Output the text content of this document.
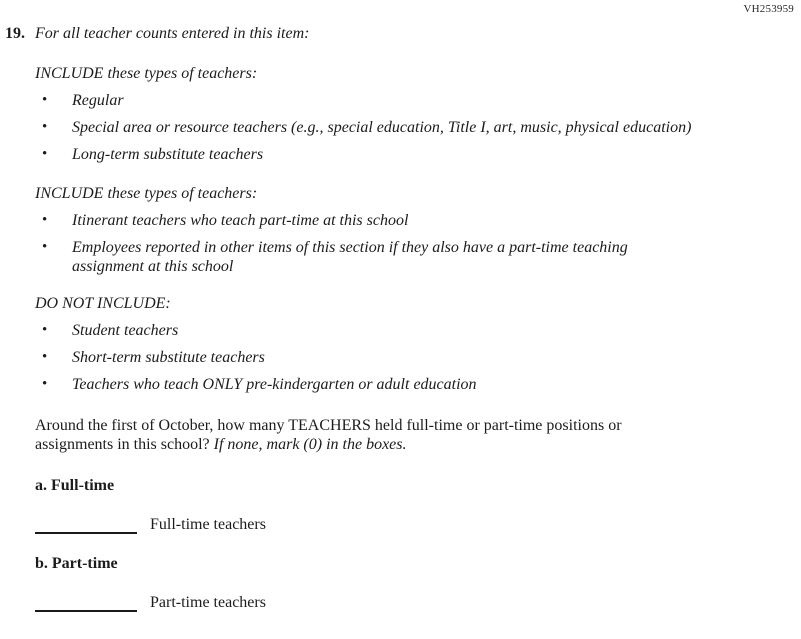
VH253959
19. For all teacher counts entered in this item:

INCLUDE these types of teachers:

•	Regular
•	Special area or resource teachers (e.g., special education, Title I, art, music, physical education)
•	Long-term substitute teachers

INCLUDE these types of teachers:

•	Itinerant teachers who teach part-time at this school
•	Employees reported in other items of this section if they also have a part-time teaching assignment at this school

DO NOT INCLUDE:

•	Student teachers
•	Short-term substitute teachers
•	Teachers who teach ONLY pre-kindergarten or adult education

Around the first of October, how many TEACHERS held full-time or part-time positions or assignments in this school? If none, mark (0) in the boxes.

a. Full-time

Full-time teachers

b. Part-time

Part-time teachers
